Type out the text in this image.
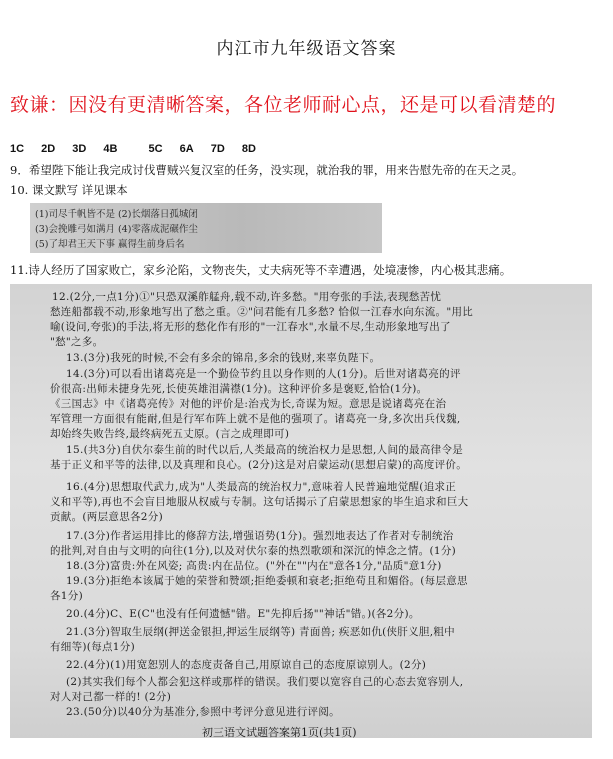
内江市九年级语文答案
致谦：因没有更清晰答案，各位老师耐心点，还是可以看清楚的
1C 2D 3D 4B	5C 6A 7D 8D
9．希望陛下能让我完成讨伐曹贼兴复汉室的任务，没实现，就治我的罪，用来告慰先帝的在天之灵。
10. 课文默写 详见课本
(1)司尽千帆皆不是 (2)长烟落日孤城闭
(3)会挽雕弓如满月 (4)零落成泥碾作尘
(5)了却君王天下事 赢得生前身后名
11.诗人经历了国家败亡，家乡沦陷，文物丧失，丈夫病死等不幸遭遇，处境凄惨，内心极其悲痛。
12.(2分,一点1分)①"只恐双溪舴艋舟,载不动,许多愁。"用夸张的手法,表现愁苦忧
愁连船都载不动,形象地写出了愁之重。②"问君能有几多愁? 恰似一江春水向东流。"用比
喻(设问,夸张)的手法,将无形的愁化作有形的"一江春水",水量不尽,生动形象地写出了
"愁"之多。
13.(3分)我死的时候,不会有多余的锦帛,多余的钱财,来辜负陛下。
14.(3分)可以看出诸葛亮是一个勤俭节约且以身作则的人(1分)。后世对诸葛亮的评
价很高:出师未捷身先死,长使英雄泪满襟(1分)。这种评价多是褒贬,恰恰(1分)。
《三国志》中《诸葛亮传》对他的评价是:治戎为长,奇谋为短。意思是说诸葛亮在治
军管理一方面很有能耐,但是行军布阵上就不是他的强项了。诸葛亮一身,多次出兵伐魏,
却始终失败告终,最终病死五丈原。(言之成理即可)
15.(共3分)自伏尔泰生前的时代以后,人类最高的统治权力是思想,人间的最高律令是
基于正义和平等的法律,以及真理和良心。(2分)这是对启蒙运动(思想启蒙)的高度评价。
16.(4分)思想取代武力,成为"人类最高的统治权力",意味着人民普遍地觉醒(追求正
义和平等),再也不会盲目地服从权威与专制。这句话揭示了启蒙思想家的毕生追求和巨大
贡献。(两层意思各2分)
17.(3分)作者运用排比的修辞方法,增强语势(1分)。强烈地表达了作者对专制统治
的批判,对自由与文明的向往(1分),以及对伏尔泰的热烈歌颂和深沉的悼念之情。(1分)
18.(3分)富贵:外在风姿; 高贵:内在品位。("外在""内在"意各1分,"品质"意1分)
19.(3分)拒绝本该属于她的荣誉和赞颂;拒绝委顿和衰老;拒绝苟且和媚俗。(每层意思
各1分)
20.(4分)C、E(C"也没有任何遗憾"错。E"先抑后扬""神话"错。)(各2分)。
21.(3分)智取生辰纲(押送金银担,押运生辰纲等) 青面兽; 疾恶如仇(侠肝义胆,粗中
有细等)(每点1分)
22.(4分)(1)用宽恕别人的态度责备自己,用原谅自己的态度原谅别人。(2分)
(2)其实我们每个人都会犯这样或那样的错误。我们要以宽容自己的心态去宽容别人,
对人对己都一样的! (2分)
23.(50分)以40分为基准分,参照中考评分意见进行评阅。
初三语文试题答案第1页(共1页)
